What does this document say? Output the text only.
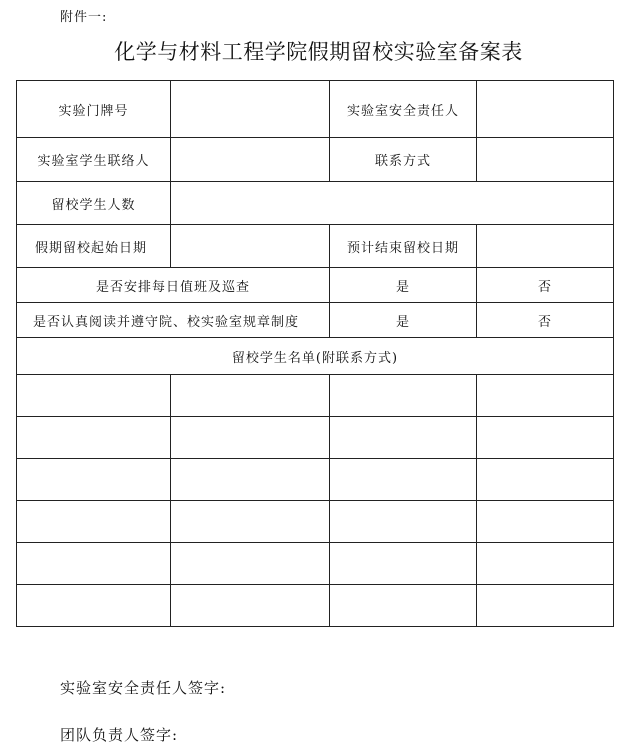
附件一:
化学与材料工程学院假期留校实验室备案表
实验门牌号		实验室安全责任人	
实验室学生联络人		联系方式	
留校学生人数			
假期留校起始日期		预计结束留校日期	
是否安排每日值班及巡查		是	否
是否认真阅读并遵守院、校实验室规章制度		是	否
留校学生名单(附联系方式)			

实验室安全责任人签字:
团队负责人签字:
